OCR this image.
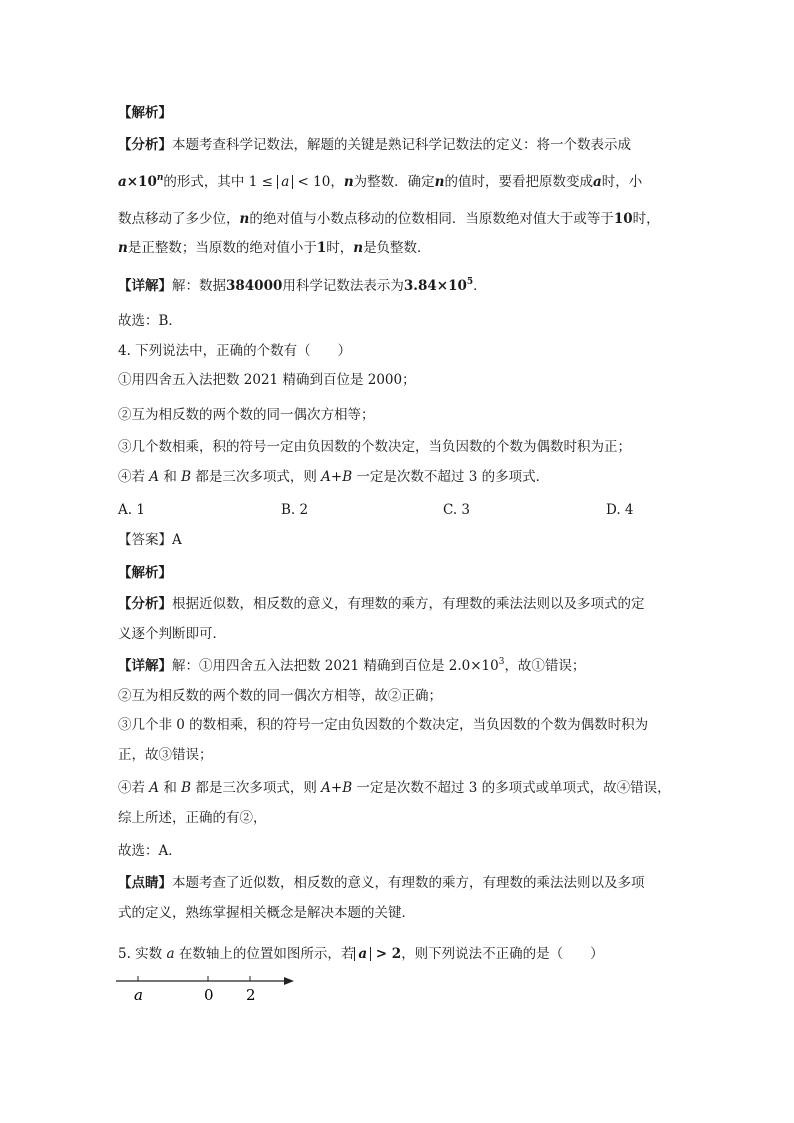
【解析】
【分析】本题考查科学记数法，解题的关键是熟记科学记数法的定义：将一个数表示成
$a\times 10^n$的形式，其中 1 ≤ a < 10，n为整数．确定n的值时，要看把原数变成a时，小
数点移动了多少位，n的绝对值与小数点移动的位数相同．当原数绝对值大于或等于10时，
n是正整数；当原数的绝对值小于1时，n是负整数．
【详解】解：数据384000用科学记数法表示为$3.84\times 10^5$．
故选：B．
4. 下列说法中，正确的个数有（　　）
①用四舍五入法把数 2021 精确到百位是 2000；
②互为相反数的两个数的同一偶次方相等；
③几个数相乘，积的符号一定由负因数的个数决定，当负因数的个数为偶数时积为正；
④若 A 和 B 都是三次多项式，则 A+B 一定是次数不超过 3 的多项式．
A. 1	B. 2	C. 3	D. 4
【答案】A
【解析】
【分析】根据近似数，相反数的意义，有理数的乘方，有理数的乘法法则以及多项式的定
义逐个判断即可．
【详解】解：①用四舍五入法把数 2021 精确到百位是 $2.0\times 10^3$，故①错误；
②互为相反数的两个数的同一偶次方相等，故②正确；
③几个非 0 的数相乘，积的符号一定由负因数的个数决定，当负因数的个数为偶数时积为
正，故③错误；
④若 A 和 B 都是三次多项式，则 A+B 一定是次数不超过 3 的多项式或单项式，故④错误，
综上所述，正确的有②，
故选：A．
【点睛】本题考查了近似数，相反数的意义，有理数的乘方，有理数的乘法法则以及多项
式的定义，熟练掌握相关概念是解决本题的关键．
5. 实数 a 在数轴上的位置如图所示，若 a > 2，则下列说法不正确的是（　　）
a	0 2
